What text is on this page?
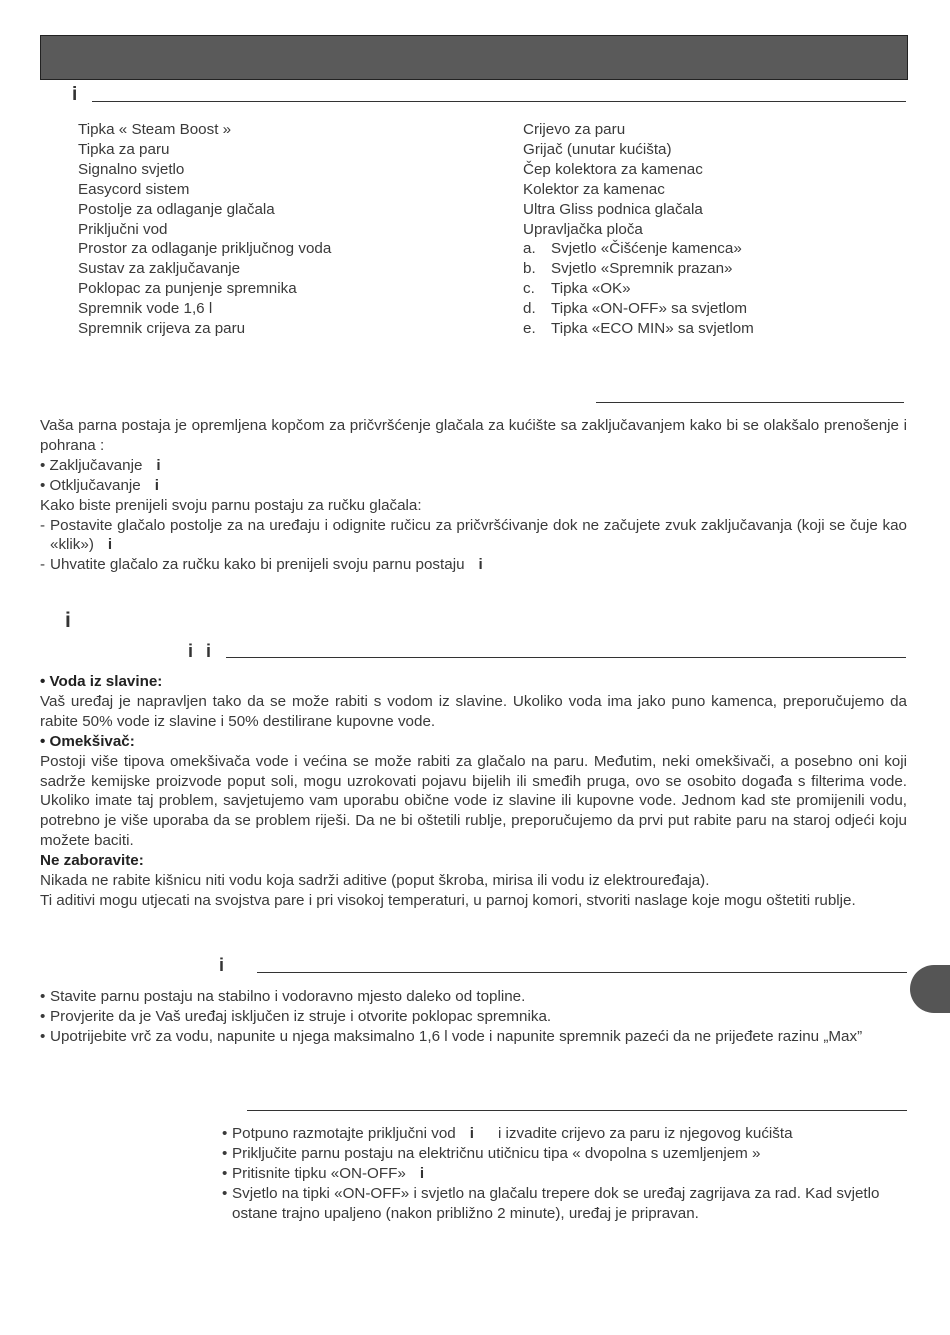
i
Tipka « Steam Boost »
Tipka za paru
Signalno svjetlo
Easycord sistem
Postolje za odlaganje glačala
Priključni vod
Prostor za odlaganje priključnog voda
Sustav za zaključavanje
Poklopac za punjenje spremnika
Spremnik vode 1,6 l
Spremnik crijeva za paru
Crijevo za paru
Grijač (unutar kućišta)
Čep kolektora za kamenac
Kolektor za kamenac
Ultra Gliss podnica glačala
Upravljačka ploča
a. Svjetlo «Čišćenje kamenca»
b. Svjetlo «Spremnik prazan»
c. Tipka «OK»
d. Tipka «ON-OFF» sa svjetlom
e. Tipka «ECO MIN» sa svjetlom

Vaša parna postaja je opremljena kopčom za pričvršćenje glačala za kućište sa zaključavanjem kako bi se olakšalo prenošenje i pohrana :

• Zaključavanje i

• Otključavanje i

Kako biste prenijeli svoju parnu postaju za ručku glačala:

- Postavite glačalo postolje za na uređaju i odignite ručicu za pričvršćivanje dok ne začujete zvuk zaključavanja (koji se čuje kao «klik») i
- Uhvatite glačalo za ručku kako bi prenijeli svoju parnu postaju i
i
i i

• Voda iz slavine:

Vaš uređaj je napravljen tako da se može rabiti s vodom iz slavine. Ukoliko voda ima jako puno kamenca, preporučujemo da rabite 50% vode iz slavine i 50% destilirane kupovne vode.

• Omekšivač:

Postoji više tipova omekšivača vode i većina se može rabiti za glačalo na paru. Međutim, neki omekšivači, a posebno oni koji sadrže kemijske proizvode poput soli, mogu uzrokovati pojavu bijelih ili smeđih pruga, ovo se osobito događa s filterima vode. Ukoliko imate taj problem, savjetujemo vam uporabu obične vode iz slavine ili kupovne vode. Jednom kad ste promijenili vodu, potrebno je više uporaba da se problem riješi. Da ne bi oštetili rublje, preporučujemo da prvi put rabite paru na staroj odjeći koju možete baciti.

Ne zaboravite:

Nikada ne rabite kišnicu niti vodu koja sadrži aditive (poput škroba, mirisa ili vodu iz elektrouređaja).

Ti aditivi mogu utjecati na svojstva pare i pri visokoj temperaturi, u parnoj komori, stvoriti naslage koje mogu oštetiti rublje.

i
• Stavite parnu postaju na stabilno i vodoravno mjesto daleko od topline.
• Provjerite da je Vaš uređaj isključen iz struje i otvorite poklopac spremnika.
• Upotrijebite vrč za vodu, napunite u njega maksimalno 1,6 l vode i napunite spremnik pazeći da ne prijeđete razinu „Max”
• Potpuno razmotajte priključni vod i i izvadite crijevo za paru iz njegovog kućišta
• Priključite parnu postaju na električnu utičnicu tipa « dvopolna s uzemljenjem »
• Pritisnite tipku «ON-OFF» i
• Svjetlo na tipki «ON-OFF» i svjetlo na glačalu trepere dok se uređaj zagrijava za rad. Kad svjetlo ostane trajno upaljeno (nakon približno 2 minute), uređaj je pripravan.
